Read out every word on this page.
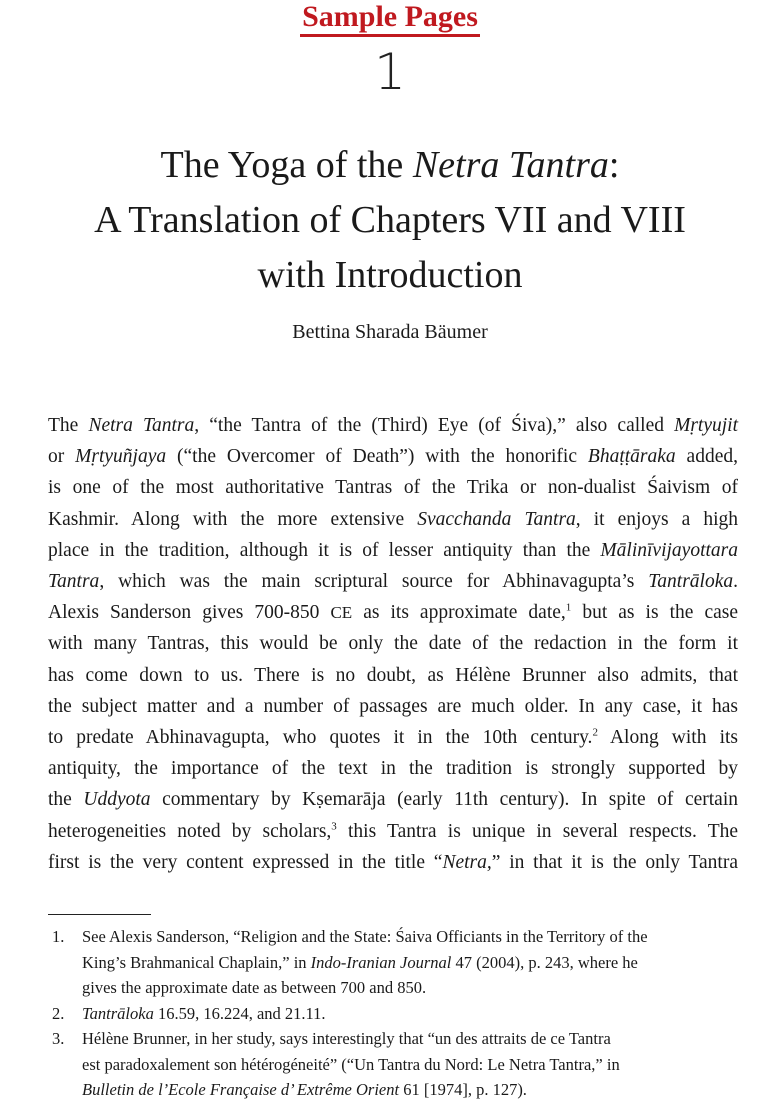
Sample Pages
1
The Yoga of the Netra Tantra:
A Translation of Chapters VII and VIII
with Introduction
Bettina Sharada Bäumer
The Netra Tantra, “the Tantra of the (Third) Eye (of Śiva),” also called Mṛtyujit
or Mṛtyuñjaya (“the Overcomer of Death”) with the honorific Bhaṭṭāraka added,
is one of the most authoritative Tantras of the Trika or non-dualist Śaivism of
Kashmir. Along with the more extensive Svacchanda Tantra, it enjoys a high
place in the tradition, although it is of lesser antiquity than the Mālinīvijayottara
Tantra, which was the main scriptural source for Abhinavagupta’s Tantrāloka.
Alexis Sanderson gives 700-850 CE as its approximate date,$^1$ but as is the case
with many Tantras, this would be only the date of the redaction in the form it
has come down to us. There is no doubt, as Hélène Brunner also admits, that
the subject matter and a number of passages are much older. In any case, it has
to predate Abhinavagupta, who quotes it in the 10th century.$^2$ Along with its
antiquity, the importance of the text in the tradition is strongly supported by
the Uddyota commentary by Kṣemarāja (early 11th century). In spite of certain
heterogeneities noted by scholars,$^3$ this Tantra is unique in several respects. The
first is the very content expressed in the title “Netra,” in that it is the only Tantra
1.	See Alexis Sanderson, “Religion and the State: Śaiva Officiants in the Territory of the
King’s Brahmanical Chaplain,” in Indo-Iranian Journal 47 (2004), p. 243, where he
gives the approximate date as between 700 and 850.
2.	Tantrāloka 16.59, 16.224, and 21.11.
3.	Hélène Brunner, in her study, says interestingly that “un des attraits de ce Tantra
est paradoxalement son hétérogéneité” (“Un Tantra du Nord: Le Netra Tantra,” in
Bulletin de l’Ecole Française d’ Extrême Orient 61 [1974], p. 127).
